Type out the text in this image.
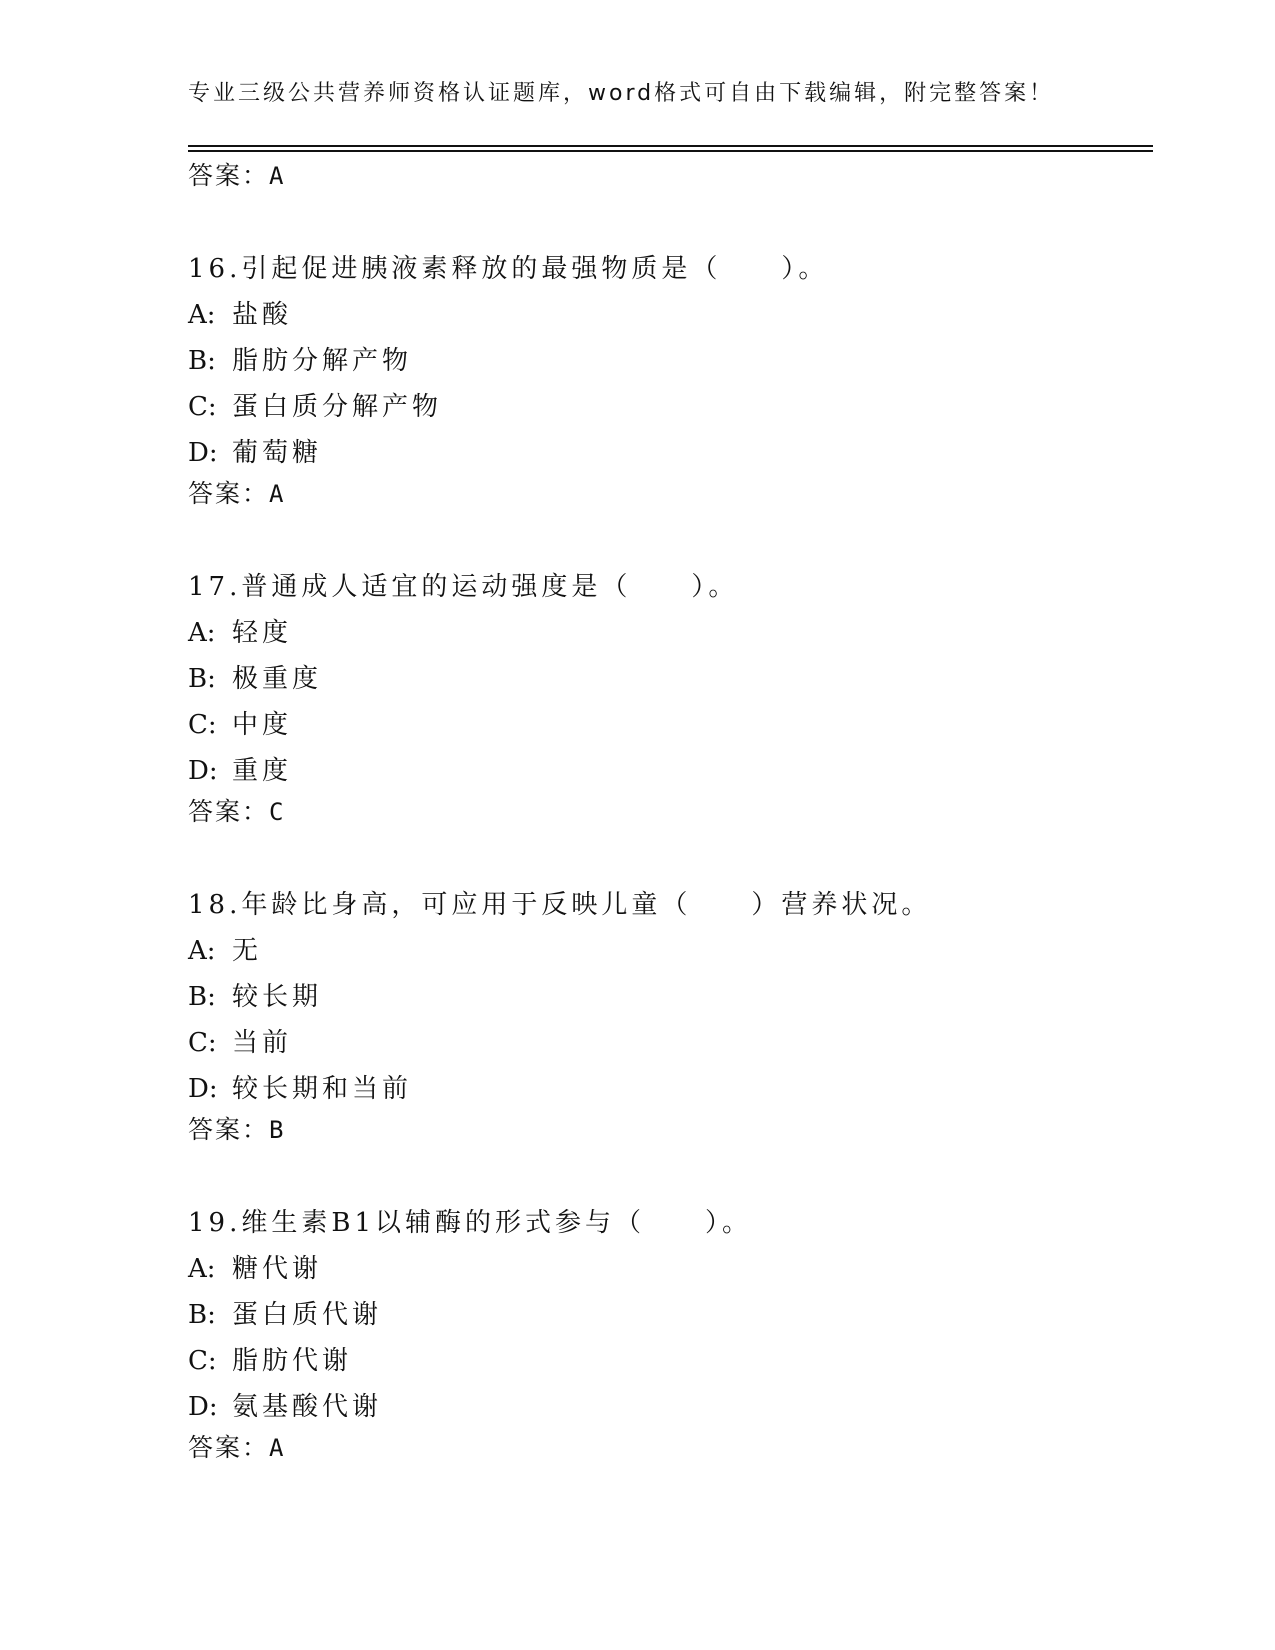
专业三级公共营养师资格认证题库，word格式可自由下载编辑，附完整答案！
答案：A
16.引起促进胰液素释放的最强物质是（　　）。
A: 盐酸
B: 脂肪分解产物
C: 蛋白质分解产物
D: 葡萄糖
答案：A
17.普通成人适宜的运动强度是（　　）。
A: 轻度
B: 极重度
C: 中度
D: 重度
答案：C
18.年龄比身高，可应用于反映儿童（　　）营养状况。
A: 无
B: 较长期
C: 当前
D: 较长期和当前
答案：B
19.维生素B1以辅酶的形式参与（　　）。
A: 糖代谢
B: 蛋白质代谢
C: 脂肪代谢
D: 氨基酸代谢
答案：A
